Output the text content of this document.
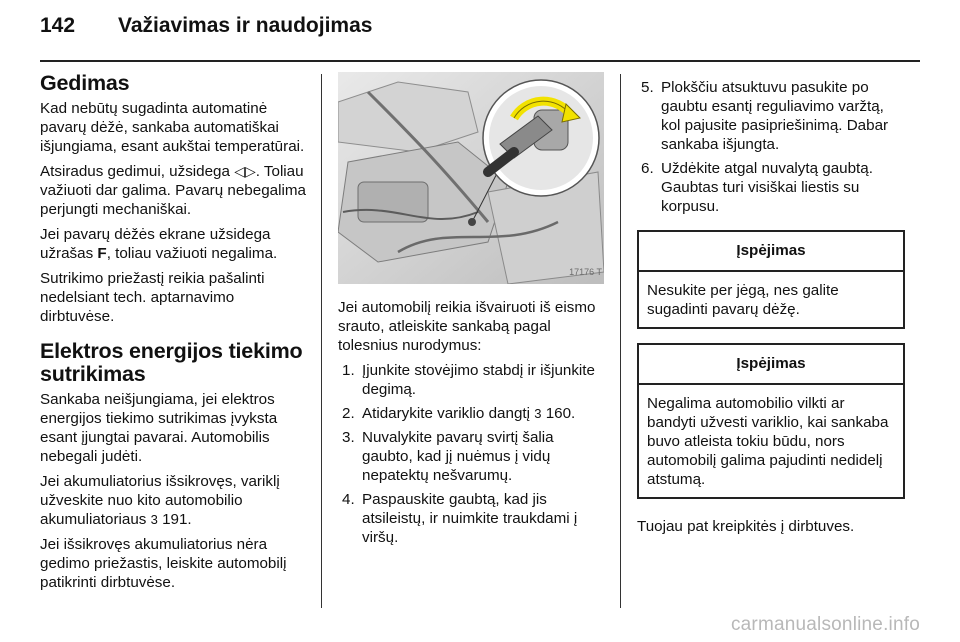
142 Važiavimas ir naudojimas
Gedimas

Kad nebūtų sugadinta automatinė pavarų dėžė, sankaba automatiškai išjungiama, esant aukštai temperatūrai.

Atsiradus gedimui, užsidega ◁▷. Toliau važiuoti dar galima. Pavarų nebegalima perjungti mechaniškai.

Jei pavarų dėžės ekrane užsidega užrašas F, toliau važiuoti negalima.

Sutrikimo priežastį reikia pašalinti nedelsiant tech. aptarnavimo dirbtuvėse.

Elektros energijos tiekimo sutrikimas

Sankaba neišjungiama, jei elektros energijos tiekimo sutrikimas įvyksta esant įjungtai pavarai. Automobilis nebegali judėti.

Jei akumuliatorius išsikrovęs, variklį užveskite nuo kito automobilio akumuliatoriaus 3 191.

Jei išsikrovęs akumuliatorius nėra gedimo priežastis, leiskite automobilį patikrinti dirbtuvėse.

17176 T

Jei automobilį reikia išvairuoti iš eismo srauto, atleiskite sankabą pagal tolesnius nurodymus:

1. Įjunkite stovėjimo stabdį ir išjunkite degimą.
2. Atidarykite variklio dangtį 3 160.
3. Nuvalykite pavarų svirtį šalia gaubto, kad jį nuėmus į vidų nepatektų nešvarumų.
4. Paspauskite gaubtą, kad jis atsileistų, ir nuimkite traukdami į viršų.
5. Plokščiu atsuktuvu pasukite po gaubtu esantį reguliavimo varžtą, kol pajusite pasipriešinimą. Dabar sankaba išjungta.
6. Uždėkite atgal nuvalytą gaubtą. Gaubtas turi visiškai liestis su korpusu.
Įspėjimas
Nesukite per jėgą, nes galite sugadinti pavarų dėžę.
Įspėjimas
Negalima automobilio vilkti ar bandyti užvesti variklio, kai sankaba buvo atleista tokiu būdu, nors automobilį galima pajudinti nedidelį atstumą.

Tuojau pat kreipkitės į dirbtuves.

carmanualsonline.info
